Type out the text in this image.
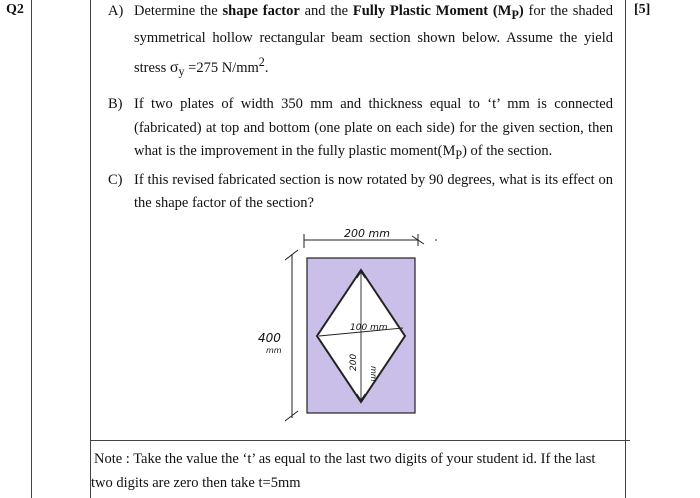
Q2	[5]
A) Determine the shape factor and the Fully Plastic Moment $(M_P)$ for the shaded
symmetrical hollow rectangular beam section shown below. Assume the yield
stress $\sigma_y =275$ $N/mm^2$.
B) If two plates of width 350 mm and thickness equal to ‘t’ mm is connected
(fabricated) at top and bottom (one plate on each side) for the given section, then
what is the improvement in the fully plastic $moment(M_P)$ of the section.
C) If this revised fabricated section is now rotated by 90 degrees, what is its effect on
the shape factor of the section?
200 mm
400
mm
100 mm
200
mm
Note : Take the value the ‘t’ as equal to the last two digits of your student id. If the last
two digits are zero then take t=5mm
